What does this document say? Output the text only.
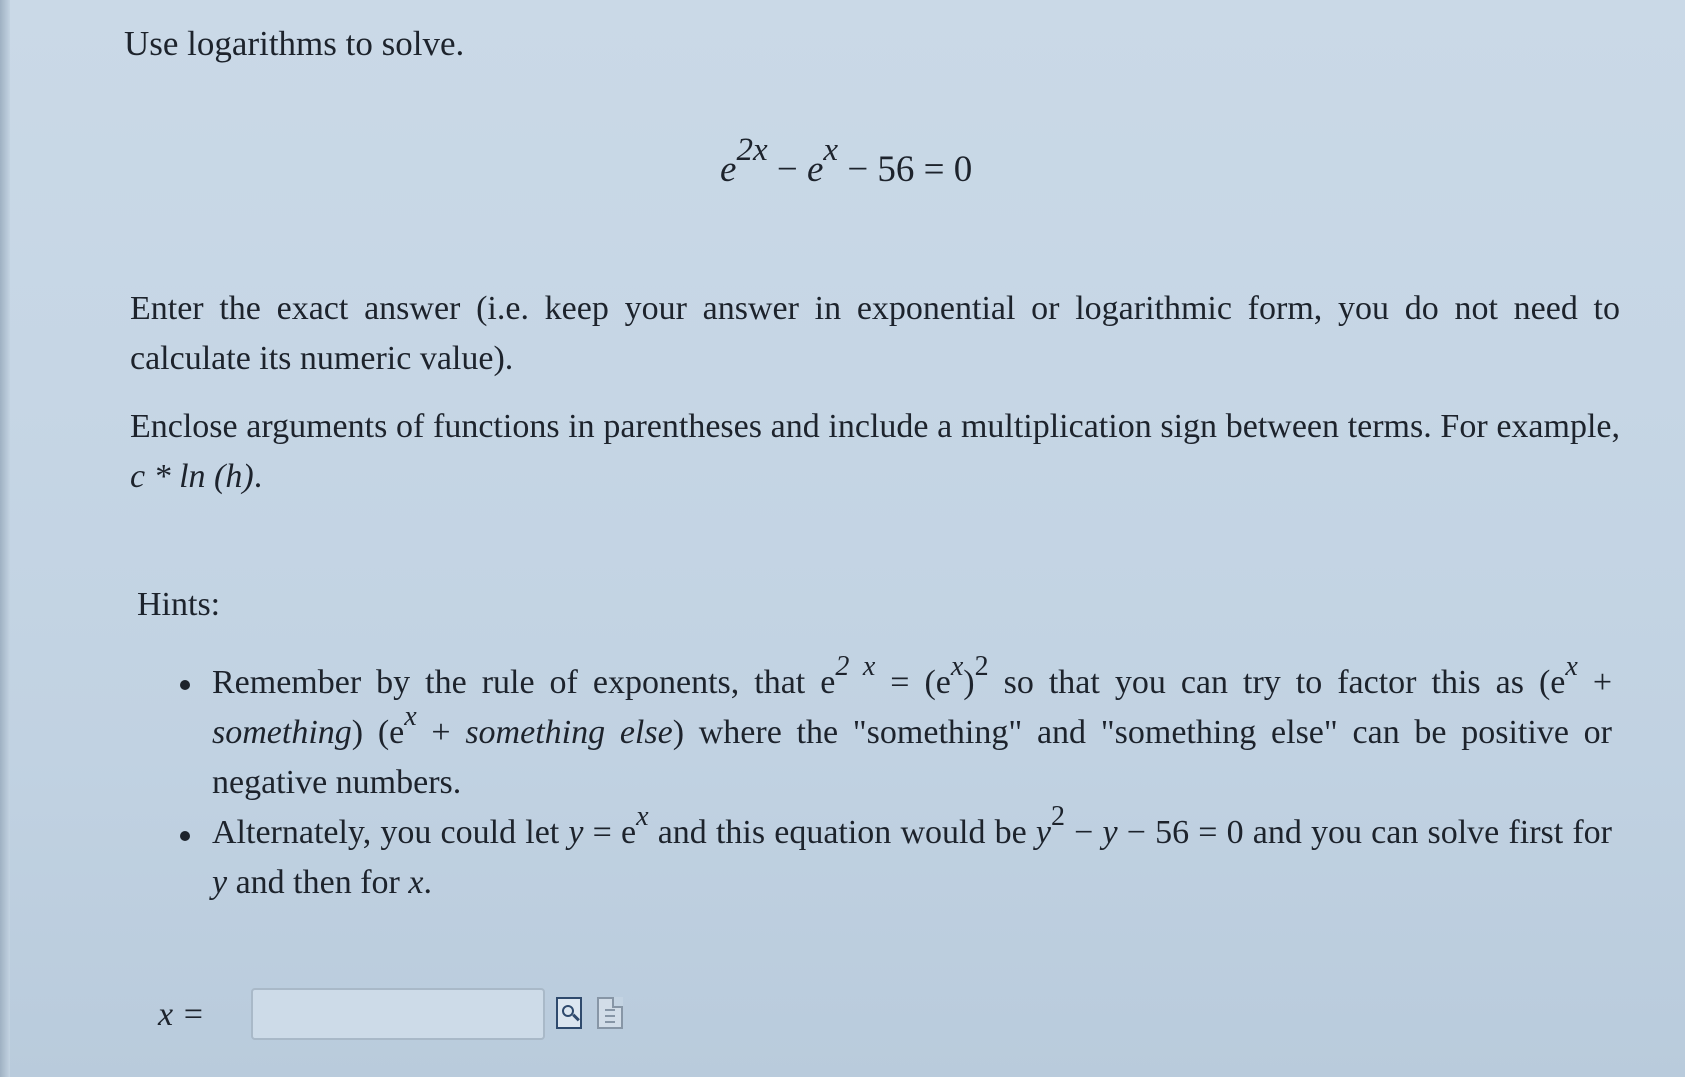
Use logarithms to solve.

$e^{2x} - e^x - 56 = 0$

Enter the exact answer (i.e. keep your answer in exponential or logarithmic form, you do not need to calculate its numeric value).

Enclose arguments of functions in parentheses and include a multiplication sign between terms. For example, c * ln (h).

Hints:

Remember by the rule of exponents, that $e^{2 x} = (e^x)^2$ so that you can try to factor this as ($e^x$ + something) ($e^x$ + something else) where the "something" and "something else" can be positive or negative numbers.

Alternately, you could let $y = e^x$ and this equation would be $y^2 - y - 56 = 0$ and you can solve first for y and then for x.

x =
